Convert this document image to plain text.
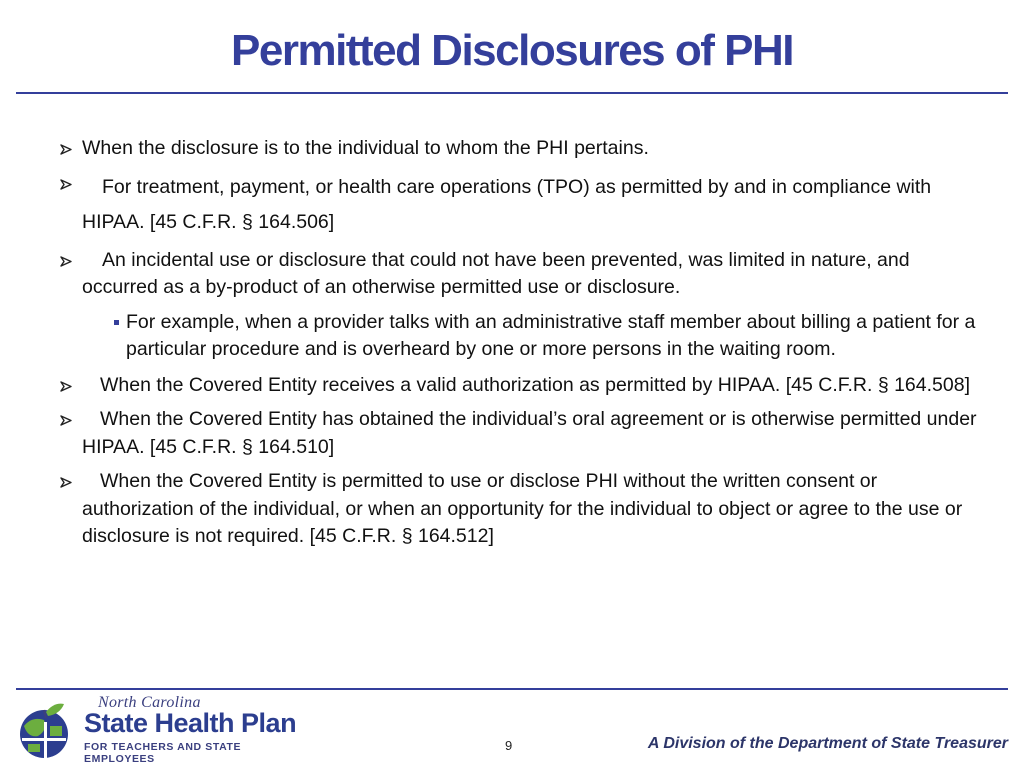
Permitted Disclosures of PHI
When the disclosure is to the individual to whom the PHI pertains.
For treatment, payment, or health care operations (TPO) as permitted by and in compliance with HIPAA. [45 C.F.R. § 164.506]
An incidental use or disclosure that could not have been prevented, was limited in nature, and occurred as a by-product of an otherwise permitted use or disclosure.
For example, when a provider talks with an administrative staff member about billing a patient for a particular procedure and is overheard by one or more persons in the waiting room.
When the Covered Entity receives a valid authorization as permitted by HIPAA. [45 C.F.R. § 164.508]
When the Covered Entity has obtained the individual’s oral agreement or is otherwise permitted under HIPAA. [45 C.F.R. § 164.510]
When the Covered Entity is permitted to use or disclose PHI without the written consent or authorization of the individual, or when an opportunity for the individual to object or agree to the use or disclosure is not required. [45 C.F.R. § 164.512]
North Carolina
State Health Plan
FOR TEACHERS AND STATE EMPLOYEES
9	A Division of the Department of State Treasurer
